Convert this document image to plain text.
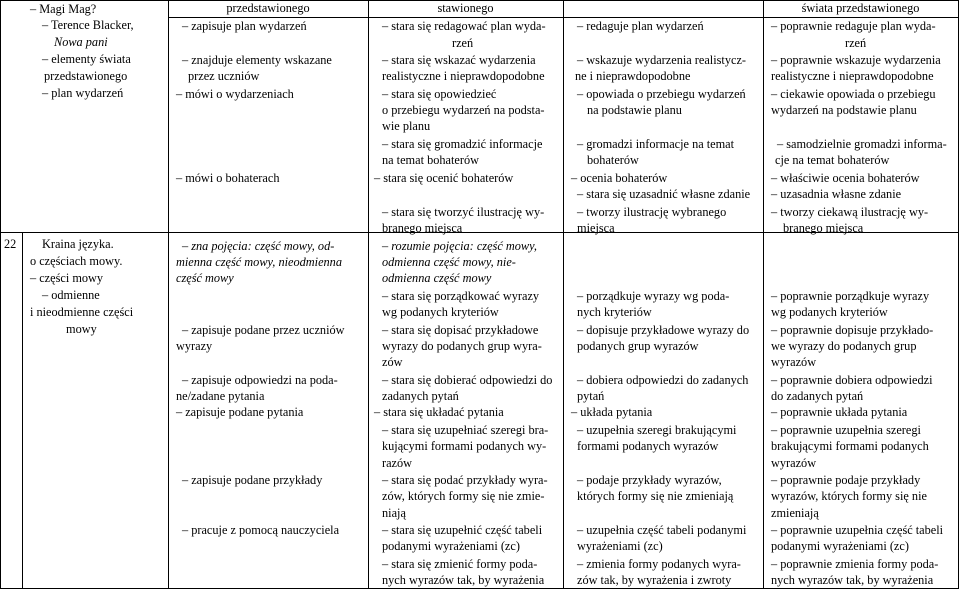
– Magi Mag?
– Terence Blacker,
Nowa pani
– elementy świata
przedstawionego
– plan wydarzeń
22 Kraina języka.
o częściach mowy.
– części mowy
– odmienne
i nieodmienne części
mowy
przedstawionego	stawionego	świata przedstawionego
– zapisuje plan wydarzeń
– znajduje elementy wskazane
przez uczniów
– mówi o wydarzeniach
– mówi o bohaterach
– zna pojęcia: część mowy, od-
mienna część mowy, nieodmienna
część mowy
– zapisuje podane przez uczniów
wyrazy
– zapisuje odpowiedzi na poda-
ne/zadane pytania
– zapisuje podane pytania
– zapisuje podane przykłady
– pracuje z pomocą nauczyciela
– stara się redagować plan wyda-
rzeń
– stara się wskazać wydarzenia
realistyczne i nieprawdopodobne
– stara się opowiedzieć
o przebiegu wydarzeń na podsta-
wie planu
– stara się gromadzić informacje
na temat bohaterów
– stara się ocenić bohaterów
– stara się tworzyć ilustrację wy-
branego miejsca
– rozumie pojęcia: część mowy,
odmienna część mowy, nie-
odmienna część mowy
– stara się porządkować wyrazy
wg podanych kryteriów
– stara się dopisać przykładowe
wyrazy do podanych grup wyra-
zów
– stara się dobierać odpowiedzi do
zadanych pytań
– stara się układać pytania
– stara się uzupełniać szeregi bra-
kującymi formami podanych wy-
razów
– stara się podać przykłady wyra-
zów, których formy się nie zmie-
niają
– stara się uzupełnić część tabeli
podanymi wyrażeniami (zc)
– stara się zmienić formy poda-
nych wyrazów tak, by wyrażenia
– redaguje plan wydarzeń
– wskazuje wydarzenia realistycz-
ne i nieprawdopodobne
– opowiada o przebiegu wydarzeń
na podstawie planu
– gromadzi informacje na temat
bohaterów
– ocenia bohaterów
– stara się uzasadnić własne zdanie
– tworzy ilustrację wybranego
miejsca
– porządkuje wyrazy wg poda-
nych kryteriów
– dopisuje przykładowe wyrazy do
podanych grup wyrazów
– dobiera odpowiedzi do zadanych
pytań
– układa pytania
– uzupełnia szeregi brakującymi
formami podanych wyrazów
– podaje przykłady wyrazów,
których formy się nie zmieniają
– uzupełnia część tabeli podanymi
wyrażeniami (zc)
– zmienia formy podanych wyra-
zów tak, by wyrażenia i zwroty
– poprawnie redaguje plan wyda-
rzeń
– poprawnie wskazuje wydarzenia
realistyczne i nieprawdopodobne
– ciekawie opowiada o przebiegu
wydarzeń na podstawie planu
– samodzielnie gromadzi informa-
cje na temat bohaterów
– właściwie ocenia bohaterów
– uzasadnia własne zdanie
– tworzy ciekawą ilustrację wy-
branego miejsca
– poprawnie porządkuje wyrazy
wg podanych kryteriów
– poprawnie dopisuje przykłado-
we wyrazy do podanych grup
wyrazów
– poprawnie dobiera odpowiedzi
do zadanych pytań
– poprawnie układa pytania
– poprawnie uzupełnia szeregi
brakującymi formami podanych
wyrazów
– poprawnie podaje przykłady
wyrazów, których formy się nie
zmieniają
– poprawnie uzupełnia część tabeli
podanymi wyrażeniami (zc)
– poprawnie zmienia formy poda-
nych wyrazów tak, by wyrażenia
